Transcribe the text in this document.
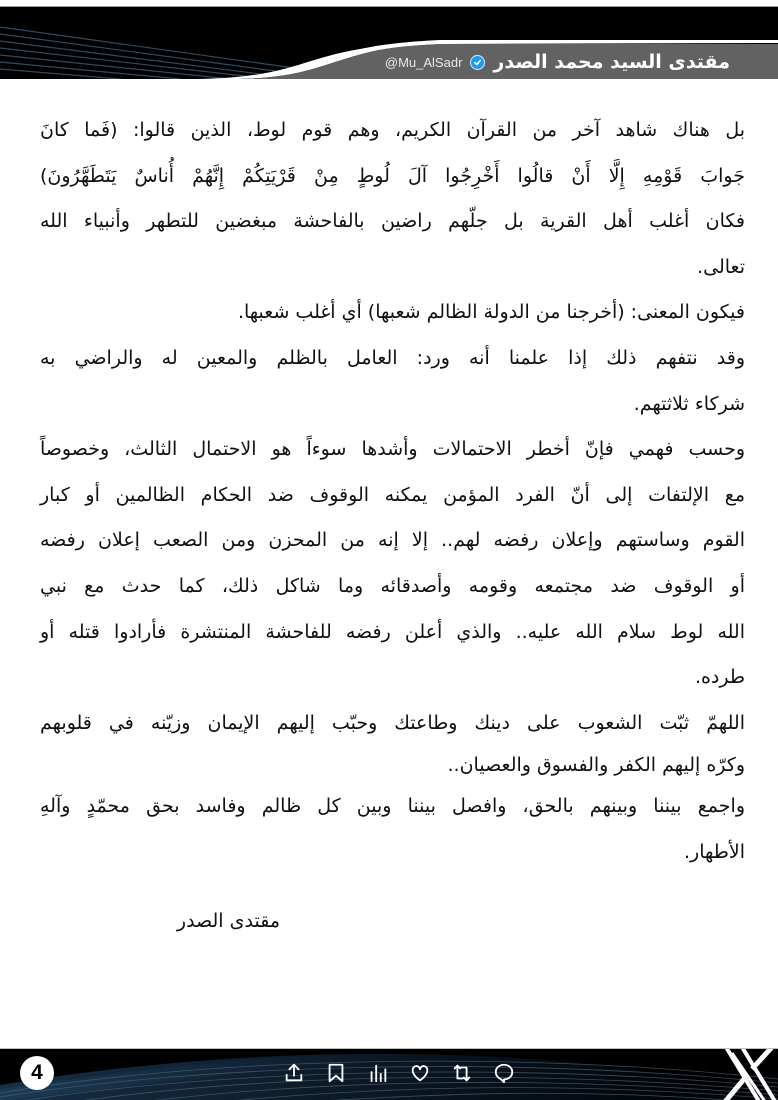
مقتدى السيد محمد الصدر
@Mu_AlSadr
بل هناك شاهد آخر من القرآن الكريم، وهم قوم لوط، الذين قالوا: (فَما كانَ
جَوابَ قَوْمِهِ إِلَّا أَنْ قالُوا أَخْرِجُوا آلَ لُوطٍ مِنْ قَرْيَتِكُمْ إِنَّهُمْ أُناسٌ يَتَطَهَّرُونَ)
فكان أغلب أهل القرية بل جلّهم راضين بالفاحشة مبغضين للتطهر وأنبياء الله
تعالى.
فيكون المعنى: (أخرجنا من الدولة الظالم شعبها) أي أغلب شعبها.
وقد نتفهم ذلك إذا علمنا أنه ورد: العامل بالظلم والمعين له والراضي به
شركاء ثلاثتهم.
وحسب فهمي فإنّ أخطر الاحتمالات وأشدها سوءاً هو الاحتمال الثالث، وخصوصاً
مع الإلتفات إلى أنّ الفرد المؤمن يمكنه الوقوف ضد الحكام الظالمين أو كبار
القوم وساستهم وإعلان رفضه لهم.. إلا إنه من المحزن ومن الصعب إعلان رفضه
أو الوقوف ضد مجتمعه وقومه وأصدقائه وما شاكل ذلك، كما حدث مع نبي
الله لوط سلام الله عليه.. والذي أعلن رفضه للفاحشة المنتشرة فأرادوا قتله أو
طرده.
اللهمّ ثبّت الشعوب على دينك وطاعتك وحبّب إليهم الإيمان وزيّنه في قلوبهم
وكرّه إليهم الكفر والفسوق والعصيان..
واجمع بيننا وبينهم بالحق، وافصل بيننا وبين كل ظالم وفاسد بحق محمّدٍ وآلهِ
الأطهار.
مقتدى الصدر
4
